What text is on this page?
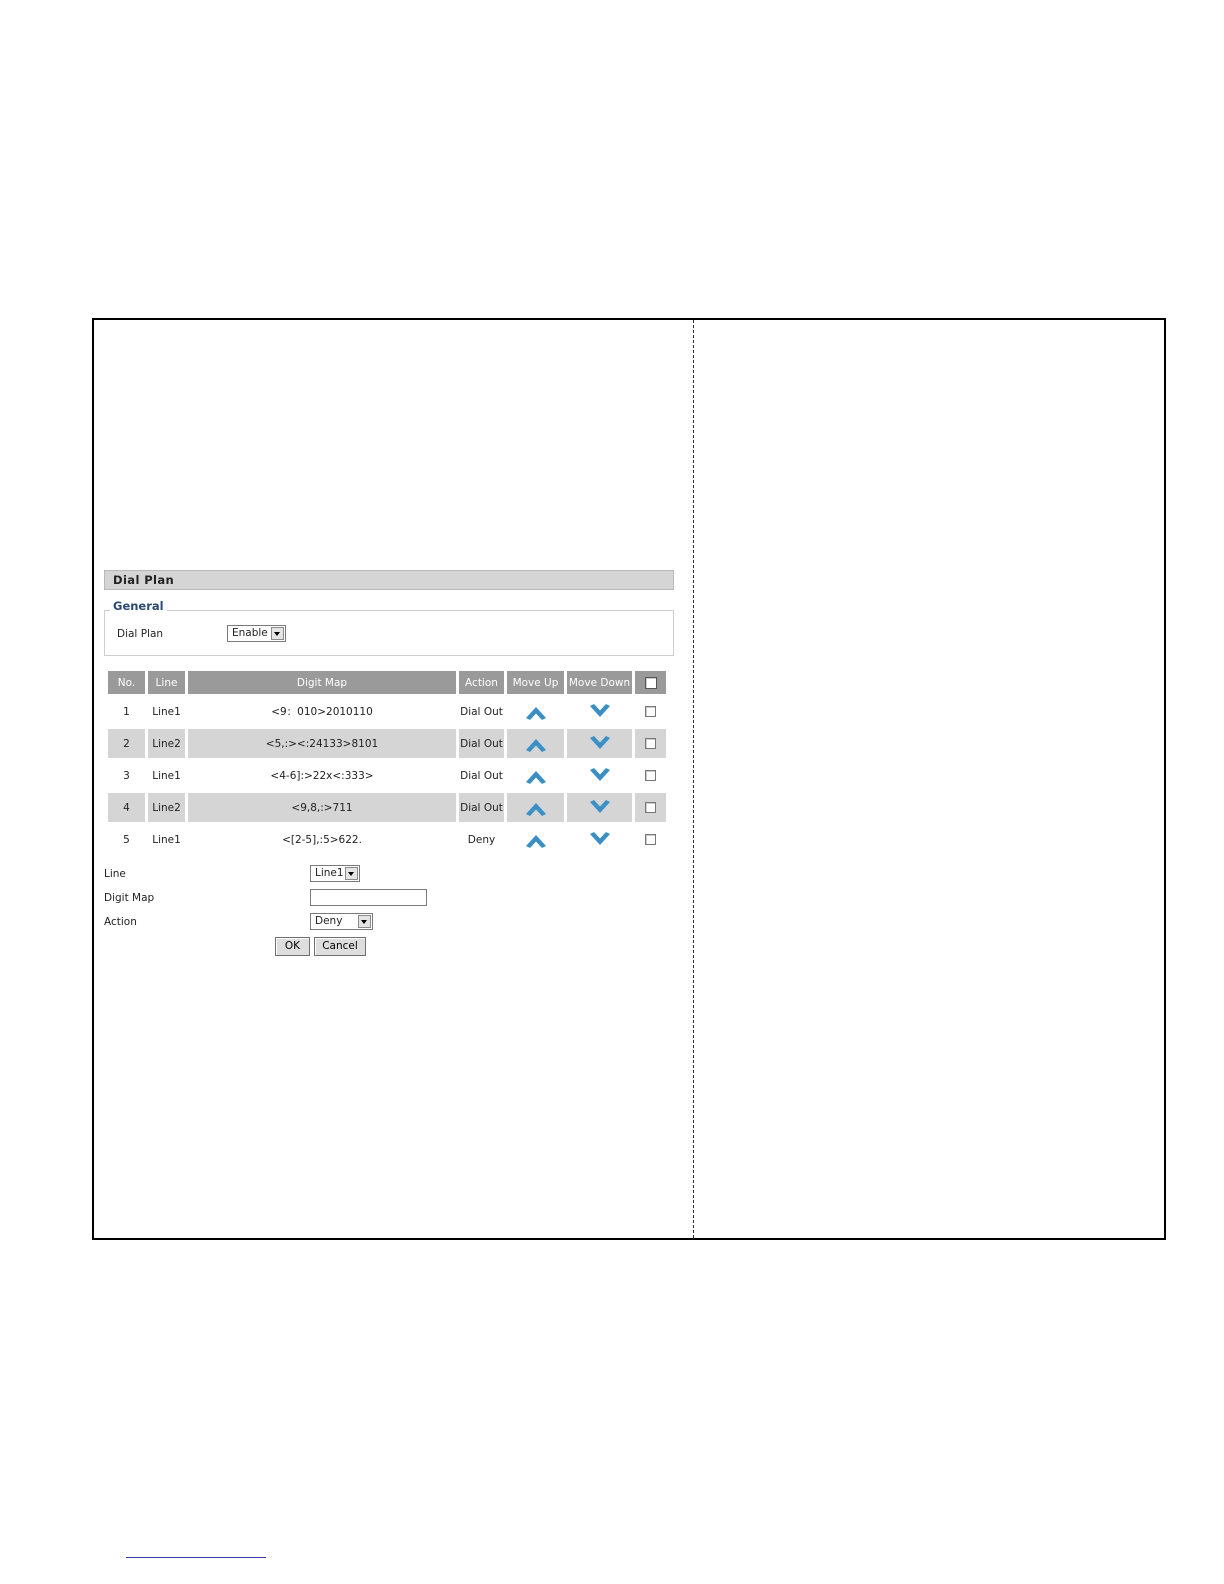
Dial Plan
General
Dial Plan	Enable
No.	Line	Digit Map	Action	Move Up	Move Down	
1	Line1	<9：010>2010110	Dial Out			
2	Line2	<5,:><:24133>8101	Dial Out			
3	Line1	<4-6]:>22x<:333>	Dial Out			
4	Line2	<9,8,:>711	Dial Out			
5	Line1	<[2-5],:5>622.	Deny			
Line	Line1
Digit Map
Action	Deny
OK	Cancel
